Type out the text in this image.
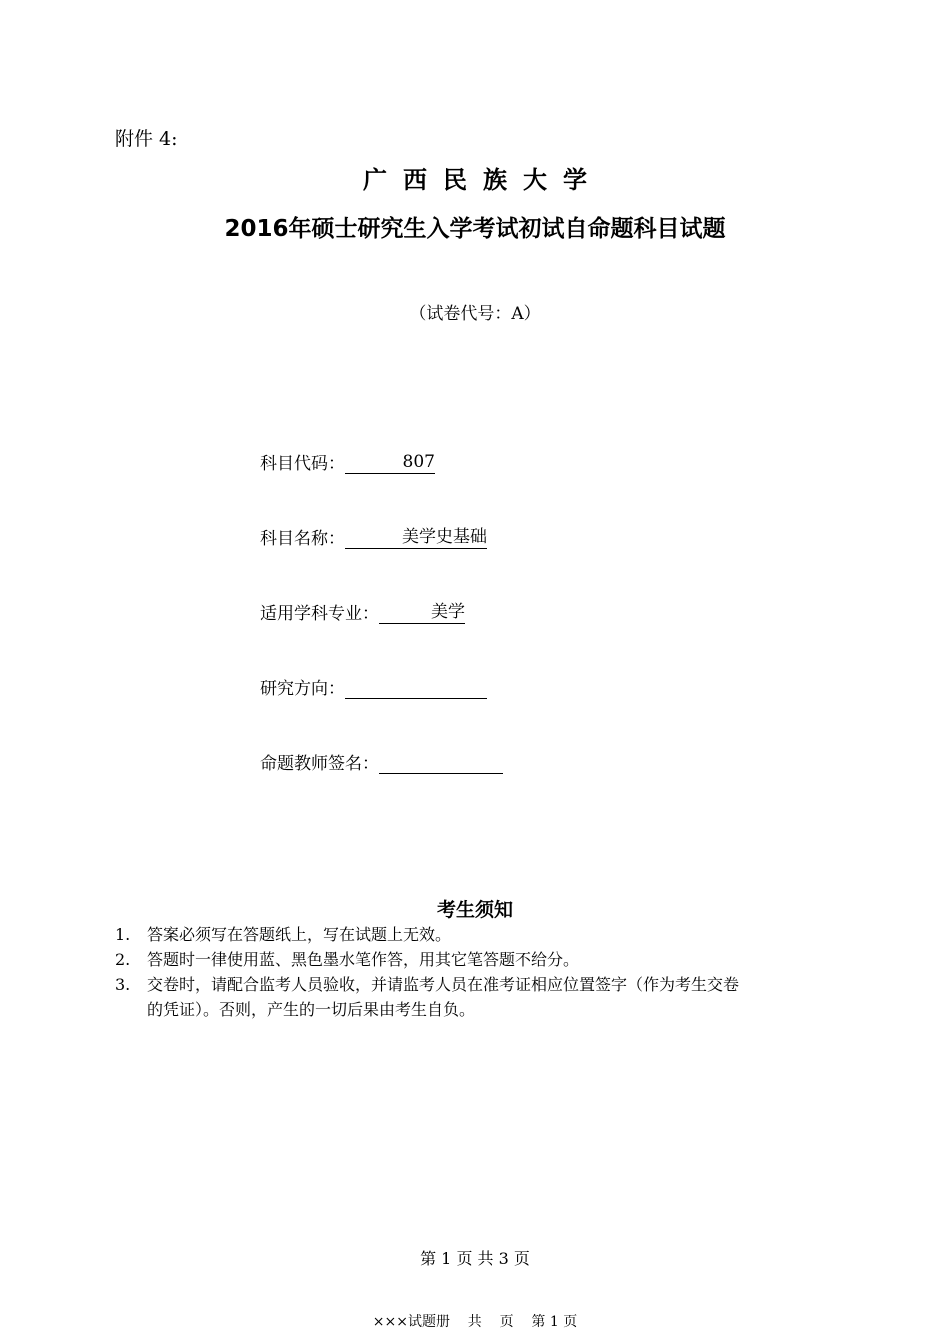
附件 4:
广西民族大学
2016年硕士研究生入学考试初试自命题科目试题
（试卷代号：A）
科目代码：	807
科目名称：	美学史基础
适用学科专业：	美学
研究方向：
命题教师签名：
考生须知
1. 答案必须写在答题纸上，写在试题上无效。
2. 答题时一律使用蓝、黑色墨水笔作答，用其它笔答题不给分。
3. 交卷时，请配合监考人员验收，并请监考人员在准考证相应位置签字（作为考生交卷
的凭证）。否则，产生的一切后果由考生自负。
第 1 页 共 3 页
×××试题册    共    页    第 1 页
